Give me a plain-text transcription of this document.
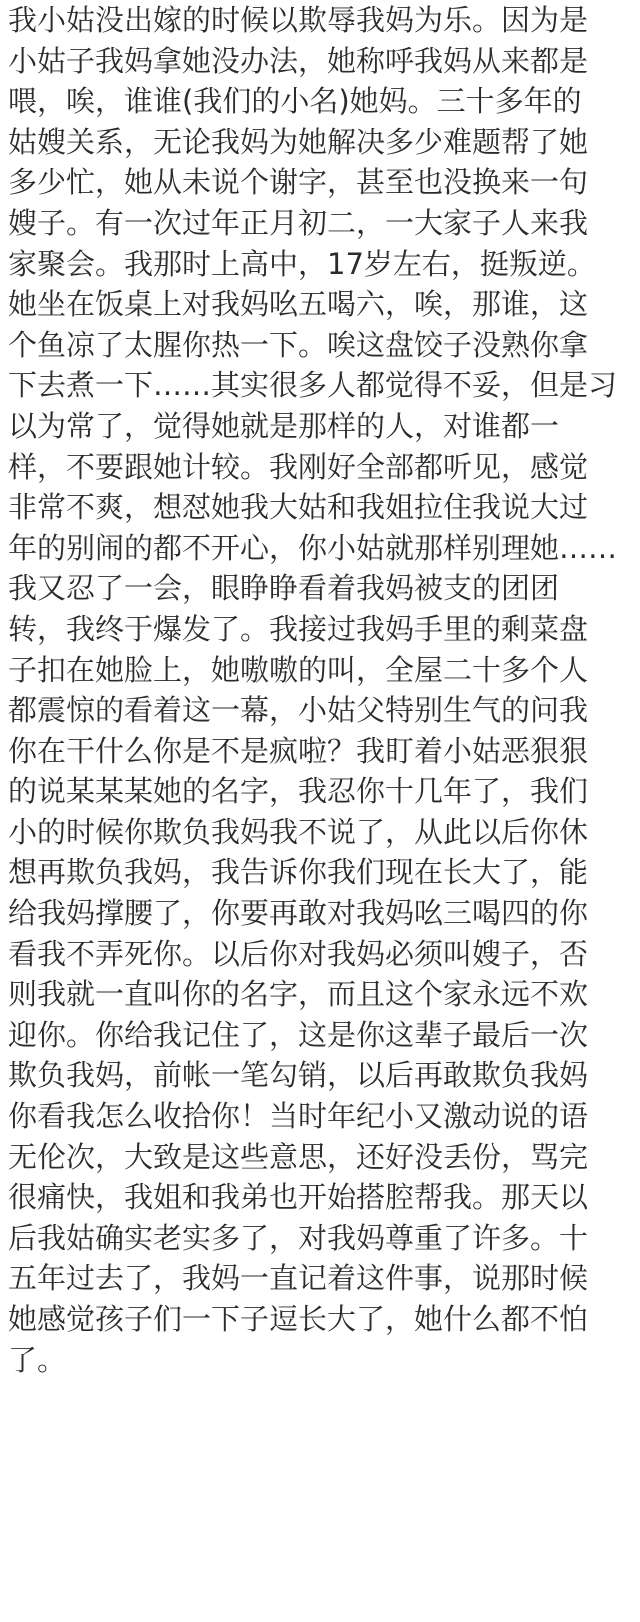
我小姑没出嫁的时候以欺辱我妈为乐。因为是
小姑子我妈拿她没办法，她称呼我妈从来都是
喂，唉，谁谁(我们的小名)她妈。三十多年的
姑嫂关系，无论我妈为她解决多少难题帮了她
多少忙，她从未说个谢字，甚至也没换来一句
嫂子。有一次过年正月初二，一大家子人来我
家聚会。我那时上高中，17岁左右，挺叛逆。
她坐在饭桌上对我妈吆五喝六，唉，那谁，这
个鱼凉了太腥你热一下。唉这盘饺子没熟你拿
下去煮一下……其实很多人都觉得不妥，但是习
以为常了，觉得她就是那样的人，对谁都一
样，不要跟她计较。我刚好全部都听见，感觉
非常不爽，想怼她我大姑和我姐拉住我说大过
年的别闹的都不开心，你小姑就那样别理她……
我又忍了一会，眼睁睁看着我妈被支的团团
转，我终于爆发了。我接过我妈手里的剩菜盘
子扣在她脸上，她嗷嗷的叫，全屋二十多个人
都震惊的看着这一幕，小姑父特别生气的问我
你在干什么你是不是疯啦？我盯着小姑恶狠狠
的说某某某她的名字，我忍你十几年了，我们
小的时候你欺负我妈我不说了，从此以后你休
想再欺负我妈，我告诉你我们现在长大了，能
给我妈撑腰了，你要再敢对我妈吆三喝四的你
看我不弄死你。以后你对我妈必须叫嫂子，否
则我就一直叫你的名字，而且这个家永远不欢
迎你。你给我记住了，这是你这辈子最后一次
欺负我妈，前帐一笔勾销，以后再敢欺负我妈
你看我怎么收拾你！当时年纪小又激动说的语
无伦次，大致是这些意思，还好没丢份，骂完
很痛快，我姐和我弟也开始搭腔帮我。那天以
后我姑确实老实多了，对我妈尊重了许多。十
五年过去了，我妈一直记着这件事，说那时候
她感觉孩子们一下子逗长大了，她什么都不怕
了。
